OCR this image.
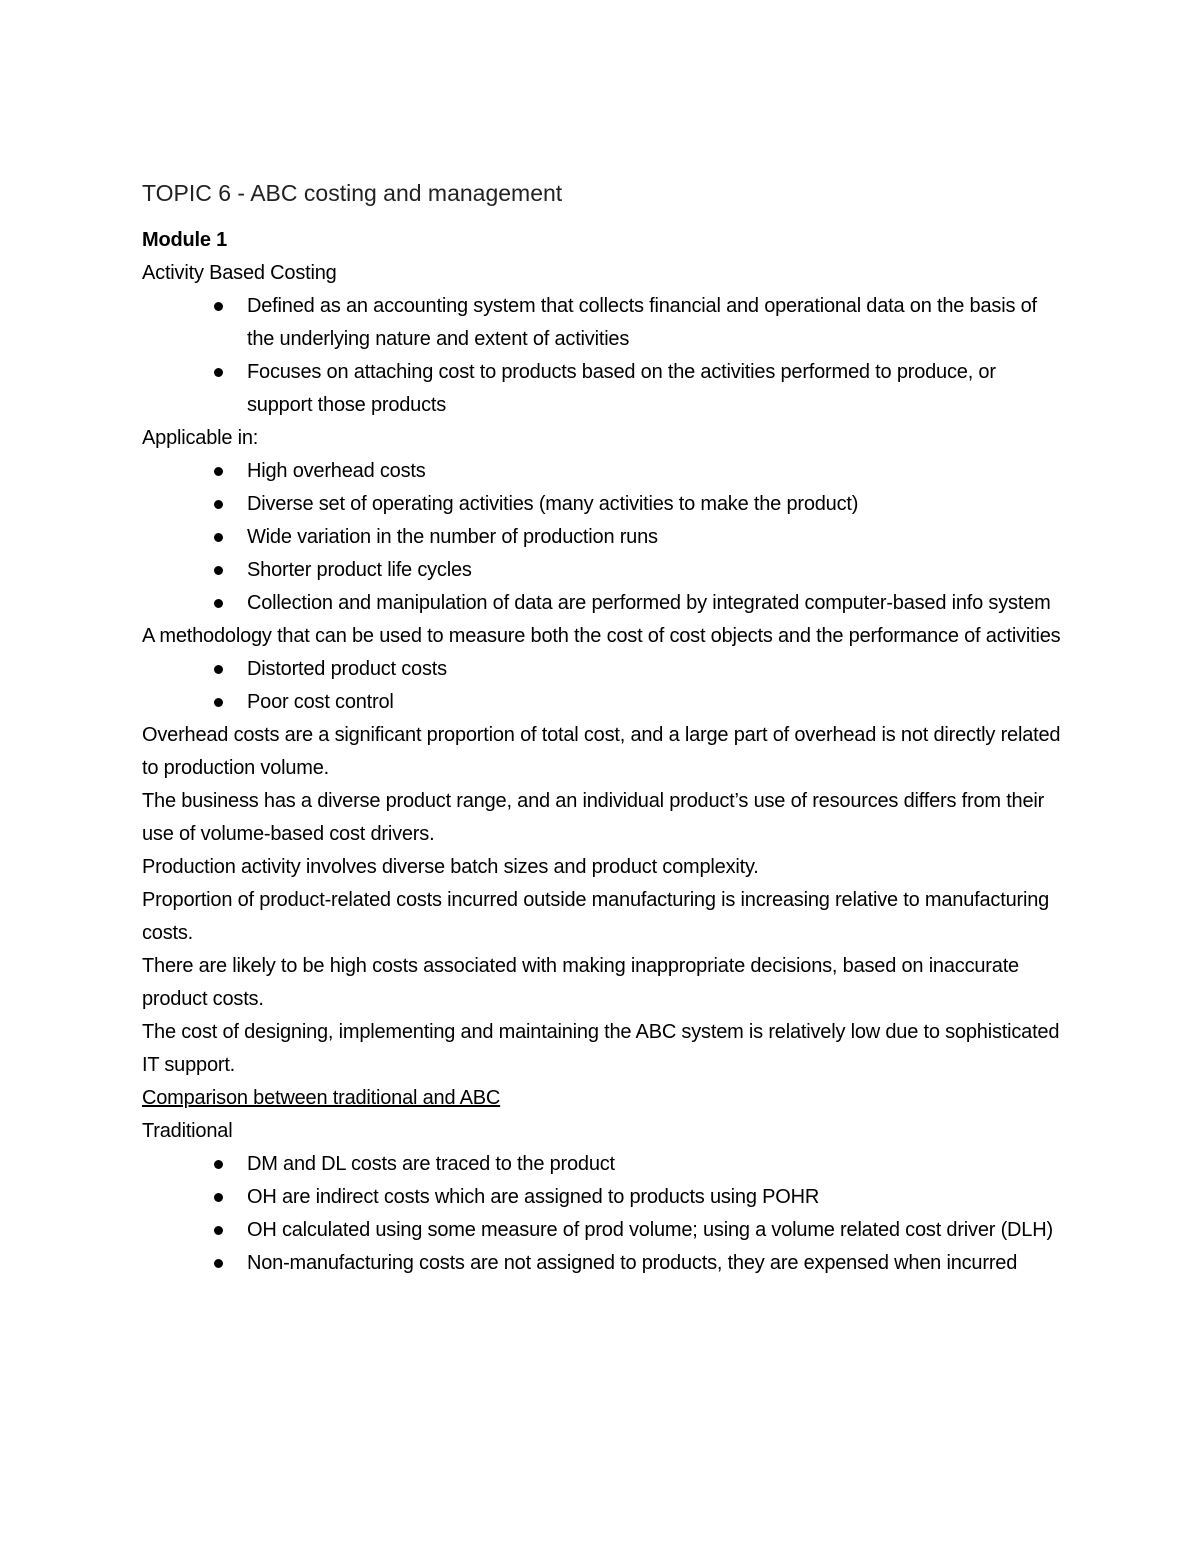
TOPIC 6 - ABC costing and management

Module 1

Activity Based Costing

Defined as an accounting system that collects financial and operational data on the basis of the underlying nature and extent of activities
Focuses on attaching cost to products based on the activities performed to produce, or support those products

Applicable in:

High overhead costs
Diverse set of operating activities (many activities to make the product)
Wide variation in the number of production runs
Shorter product life cycles
Collection and manipulation of data are performed by integrated computer-based info system

A methodology that can be used to measure both the cost of cost objects and the performance of activities

Distorted product costs
Poor cost control

Overhead costs are a significant proportion of total cost, and a large part of overhead is not directly related to production volume.

The business has a diverse product range, and an individual product’s use of resources differs from their use of volume-based cost drivers.

Production activity involves diverse batch sizes and product complexity.

Proportion of product-related costs incurred outside manufacturing is increasing relative to manufacturing costs.

There are likely to be high costs associated with making inappropriate decisions, based on inaccurate product costs.

The cost of designing, implementing and maintaining the ABC system is relatively low due to sophisticated IT support.

Comparison between traditional and ABC

Traditional

DM and DL costs are traced to the product
OH are indirect costs which are assigned to products using POHR
OH calculated using some measure of prod volume; using a volume related cost driver (DLH)
Non-manufacturing costs are not assigned to products, they are expensed when incurred
